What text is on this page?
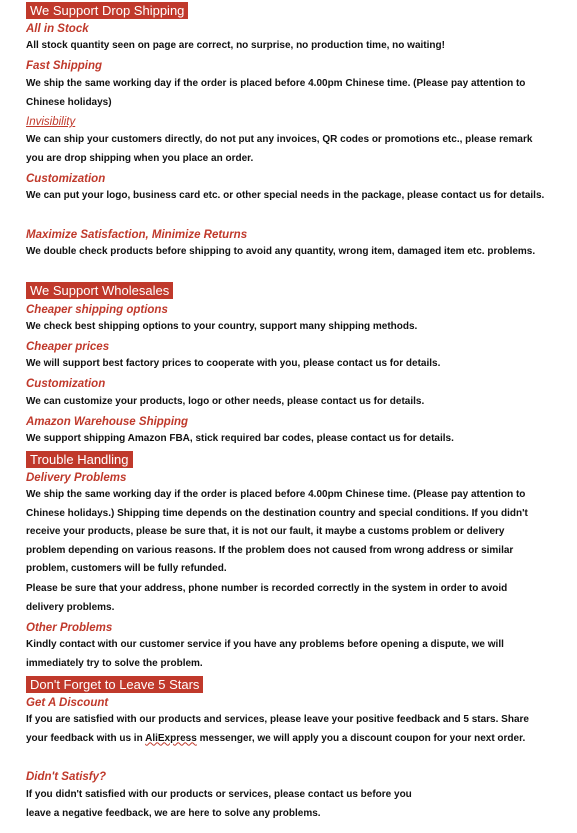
We Support Drop Shipping
All in Stock
All stock quantity seen on page are correct, no surprise, no production time, no waiting!
Fast Shipping
We ship the same working day if the order is placed before 4.00pm Chinese time. (Please pay attention to Chinese holidays)
Invisibility
We can ship your customers directly, do not put any invoices, QR codes or promotions etc., please remark you are drop shipping when you place an order.
Customization
We can put your logo, business card etc. or other special needs in the package, please contact us for details.
Maximize Satisfaction, Minimize Returns
We double check products before shipping to avoid any quantity, wrong item, damaged item etc. problems.
We Support Wholesales
Cheaper shipping options
We check best shipping options to your country, support many shipping methods.
Cheaper prices
We will support best factory prices to cooperate with you, please contact us for details.
Customization
We can customize your products, logo or other needs, please contact us for details.
Amazon Warehouse Shipping
We support shipping Amazon FBA, stick required bar codes, please contact us for details.
Trouble Handling
Delivery Problems
We ship the same working day if the order is placed before 4.00pm Chinese time. (Please pay attention to Chinese holidays.) Shipping time depends on the destination country and special conditions. If you didn't receive your products, please be sure that, it is not our fault, it maybe a customs problem or delivery problem depending on various reasons. If the problem does not caused from wrong address or similar problem, customers will be fully refunded.
Please be sure that your address, phone number is recorded correctly in the system in order to avoid delivery problems.
Other Problems
Kindly contact with our customer service if you have any problems before opening a dispute, we will immediately try to solve the problem.
Don't Forget to Leave 5 Stars
Get A Discount
If you are satisfied with our products and services, please leave your positive feedback and 5 stars. Share your feedback with us in AliExpress messenger, we will apply you a discount coupon for your next order.
Didn't Satisfy?
If you didn't satisfied with our products or services, please contact us before you
leave a negative feedback, we are here to solve any problems.
